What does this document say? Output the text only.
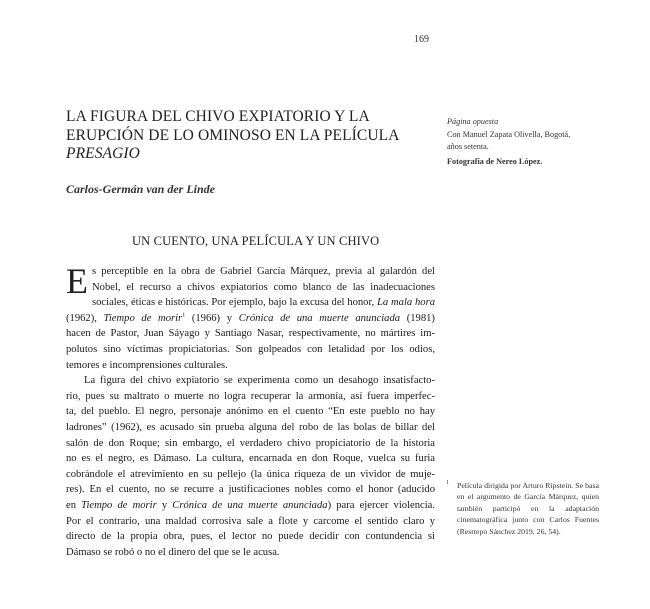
169
LA FIGURA DEL CHIVO EXPIATORIO Y LA
ERUPCIÓN DE LO OMINOSO EN LA PELÍCULA
PRESAGIO
Carlos-Germán van der Linde
UN CUENTO, UNA PELÍCULA Y UN CHIVO
Página opuesta
Con Manuel Zapata Olivella, Bogotá,
años setenta.
Fotografía de Nereo López.
E s perceptible en la obra de Gabriel García Márquez, previa al galardón del
Nobel, el recurso a chivos expiatorios como blanco de las inadecuaciones
sociales, éticas e históricas. Por ejemplo, bajo la excusa del honor, La mala hora
(1962), Tiempo de morir$^1$ (1966) y Crónica de una muerte anunciada (1981)
hacen de Pastor, Juan Sáyago y Santiago Nasar, respectivamente, no mártires im-
polutos sino víctimas propiciatorias. Son golpeados con letalidad por los odios,
temores e incomprensiones culturales.
La figura del chivo expiatorio se experimenta como un desahogo insatisfacto-
rio, pues su maltrato o muerte no logra recuperar la armonía, así fuera imperfec-
ta, del pueblo. El negro, personaje anónimo en el cuento “En este pueblo no hay
ladrones” (1962), es acusado sin prueba alguna del robo de las bolas de billar del
salón de don Roque; sin embargo, el verdadero chivo propiciatorio de la historia
no es el negro, es Dámaso. La cultura, encarnada en don Roque, vuelca su furia
cobrándole el atrevimiento en su pellejo (la única riqueza de un vividor de muje-
res). En el cuento, no se recurre a justificaciones nobles como el honor (aducido
en Tiempo de morir y Crónica de una muerte anunciada) para ejercer violencia.
Por el contrario, una maldad corrosiva sale a flote y carcome el sentido claro y
directo de la propia obra, pues, el lector no puede decidir con contundencia si
Dámaso se robó o no el dinero del que se le acusa.
1	Película dirigida por Arturo Ripstein. Se basa en el argumento de García Márquez, quien también participó en la adaptación cinematográfica junto con Carlos Fuentes (Restrepo Sánchez 2019, 26, 54).
